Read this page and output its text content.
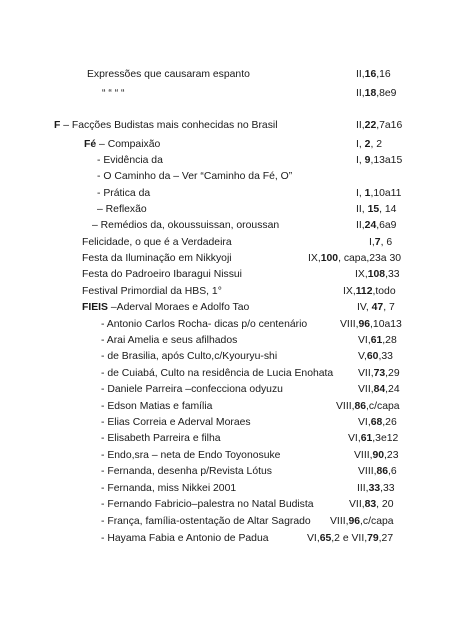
Expressões que causaram espanto	II,16,16
“ “ “ “	II,18,8e9
F – Facções Budistas mais conhecidas no Brasil	II,22,7a16
Fé – Compaixão	I, 2, 2
- Evidência da	I, 9,13a15
- O Caminho da – Ver “Caminho da Fé, O”
- Prática da	I, 1,10a11
– Reflexão	II, 15, 14
– Remédios da, okoussuissan, oroussan	II,24,6a9
Felicidade, o que é a Verdadeira	I,7, 6
Festa da Iluminação em Nikkyoji	IX,100, capa,23a 30
Festa do Padroeiro Ibaragui Nissui	IX,108,33
Festival Primordial da HBS, 1°	IX,112,todo
FIEIS –Aderval Moraes e Adolfo Tao	IV, 47, 7
- Antonio Carlos Rocha- dicas p/o centenário	VIII,96,10a13
- Arai Amelia e seus afilhados	VI,61,28
- de Brasilia, após Culto,c/Kyouryu-shi	V,60,33
- de Cuiabá, Culto na residência de Lucia Enohata VII,73,29
- Daniele Parreira –confecciona odyuzu	VII,84,24
- Edson Matias e família	VIII,86,c/capa
- Elias Correia e Aderval Moraes	VI,68,26
- Elisabeth Parreira e filha	VI,61,3e12
- Endo,sra – neta de Endo Toyonosuke	VIII,90,23
- Fernanda, desenha p/Revista Lótus	VIII,86,6
- Fernanda, miss Nikkei 2001	III,33,33
- Fernando Fabricio–palestra no Natal Budista	VII,83, 20
- França, família-ostentação de Altar Sagrado VIII,96,c/capa
- Hayama Fabia e Antonio de Padua	VI,65,2 e VII,79,27
